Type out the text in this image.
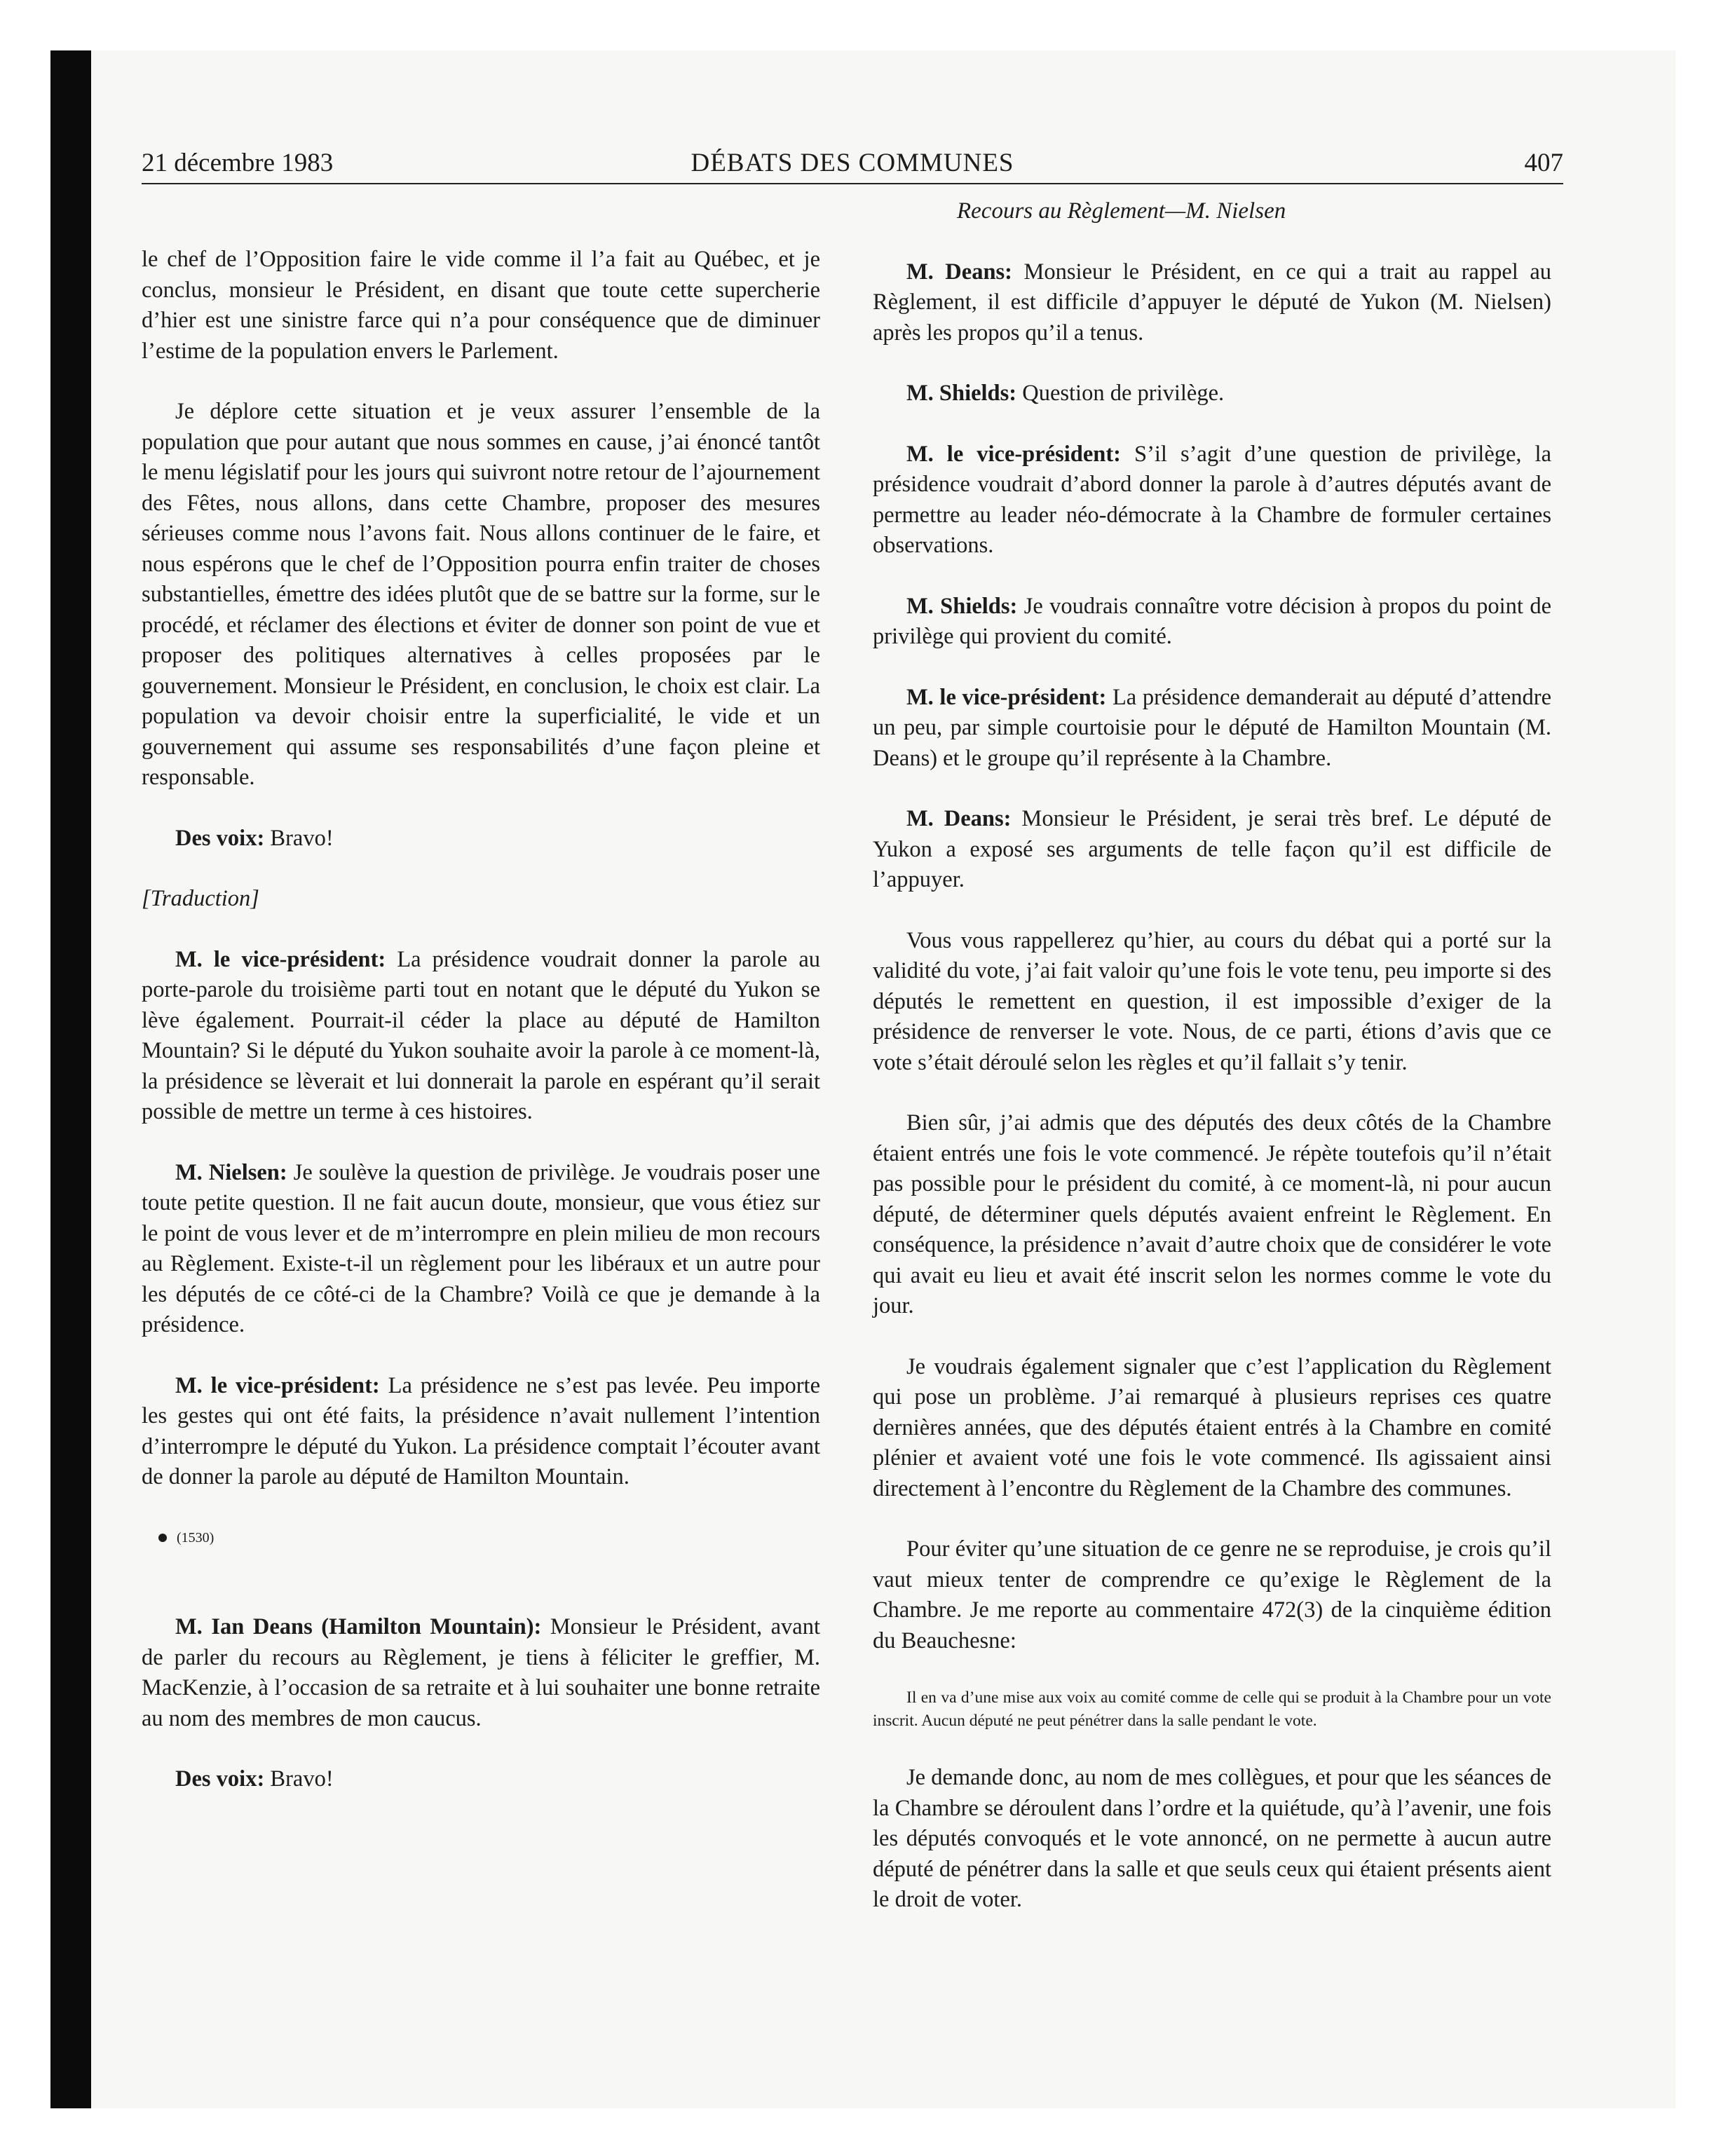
21 décembre 1983	DÉBATS DES COMMUNES	407

le chef de l’Opposition faire le vide comme il l’a fait au Québec, et je conclus, monsieur le Président, en disant que toute cette supercherie d’hier est une sinistre farce qui n’a pour conséquence que de diminuer l’estime de la population envers le Parlement.

Je déplore cette situation et je veux assurer l’ensemble de la population que pour autant que nous sommes en cause, j’ai énoncé tantôt le menu législatif pour les jours qui suivront notre retour de l’ajournement des Fêtes, nous allons, dans cette Chambre, proposer des mesures sérieuses comme nous l’avons fait. Nous allons continuer de le faire, et nous espérons que le chef de l’Opposition pourra enfin traiter de choses substantielles, émettre des idées plutôt que de se battre sur la forme, sur le procédé, et réclamer des élections et éviter de donner son point de vue et proposer des politiques alternatives à celles proposées par le gouvernement. Monsieur le Président, en conclusion, le choix est clair. La population va devoir choisir entre la superficialité, le vide et un gouvernement qui assume ses responsabilités d’une façon pleine et responsable.

Des voix: Bravo!

[Traduction]

M. le vice-président: La présidence voudrait donner la parole au porte-parole du troisième parti tout en notant que le député du Yukon se lève également. Pourrait-il céder la place au député de Hamilton Mountain? Si le député du Yukon souhaite avoir la parole à ce moment-là, la présidence se lèverait et lui donnerait la parole en espérant qu’il serait possible de mettre un terme à ces histoires.

M. Nielsen: Je soulève la question de privilège. Je voudrais poser une toute petite question. Il ne fait aucun doute, monsieur, que vous étiez sur le point de vous lever et de m’interrompre en plein milieu de mon recours au Règlement. Existe-t-il un règlement pour les libéraux et un autre pour les députés de ce côté-ci de la Chambre? Voilà ce que je demande à la présidence.

M. le vice-président: La présidence ne s’est pas levée. Peu importe les gestes qui ont été faits, la présidence n’avait nullement l’intention d’interrompre le député du Yukon. La présidence comptait l’écouter avant de donner la parole au député de Hamilton Mountain.

(1530)

M. Ian Deans (Hamilton Mountain): Monsieur le Président, avant de parler du recours au Règlement, je tiens à féliciter le greffier, M. MacKenzie, à l’occasion de sa retraite et à lui souhaiter une bonne retraite au nom des membres de mon caucus.

Des voix: Bravo!

Recours au Règlement—M. Nielsen

M. Deans: Monsieur le Président, en ce qui a trait au rappel au Règlement, il est difficile d’appuyer le député de Yukon (M. Nielsen) après les propos qu’il a tenus.

M. Shields: Question de privilège.

M. le vice-président: S’il s’agit d’une question de privilège, la présidence voudrait d’abord donner la parole à d’autres députés avant de permettre au leader néo-démocrate à la Chambre de formuler certaines observations.

M. Shields: Je voudrais connaître votre décision à propos du point de privilège qui provient du comité.

M. le vice-président: La présidence demanderait au député d’attendre un peu, par simple courtoisie pour le député de Hamilton Mountain (M. Deans) et le groupe qu’il représente à la Chambre.

M. Deans: Monsieur le Président, je serai très bref. Le député de Yukon a exposé ses arguments de telle façon qu’il est difficile de l’appuyer.

Vous vous rappellerez qu’hier, au cours du débat qui a porté sur la validité du vote, j’ai fait valoir qu’une fois le vote tenu, peu importe si des députés le remettent en question, il est impossible d’exiger de la présidence de renverser le vote. Nous, de ce parti, étions d’avis que ce vote s’était déroulé selon les règles et qu’il fallait s’y tenir.

Bien sûr, j’ai admis que des députés des deux côtés de la Chambre étaient entrés une fois le vote commencé. Je répète toutefois qu’il n’était pas possible pour le président du comité, à ce moment-là, ni pour aucun député, de déterminer quels députés avaient enfreint le Règlement. En conséquence, la présidence n’avait d’autre choix que de considérer le vote qui avait eu lieu et avait été inscrit selon les normes comme le vote du jour.

Je voudrais également signaler que c’est l’application du Règlement qui pose un problème. J’ai remarqué à plusieurs reprises ces quatre dernières années, que des députés étaient entrés à la Chambre en comité plénier et avaient voté une fois le vote commencé. Ils agissaient ainsi directement à l’encontre du Règlement de la Chambre des communes.

Pour éviter qu’une situation de ce genre ne se reproduise, je crois qu’il vaut mieux tenter de comprendre ce qu’exige le Règlement de la Chambre. Je me reporte au commentaire 472(3) de la cinquième édition du Beauchesne:

Il en va d’une mise aux voix au comité comme de celle qui se produit à la Chambre pour un vote inscrit. Aucun député ne peut pénétrer dans la salle pendant le vote.

Je demande donc, au nom de mes collègues, et pour que les séances de la Chambre se déroulent dans l’ordre et la quiétude, qu’à l’avenir, une fois les députés convoqués et le vote annoncé, on ne permette à aucun autre député de pénétrer dans la salle et que seuls ceux qui étaient présents aient le droit de voter.
